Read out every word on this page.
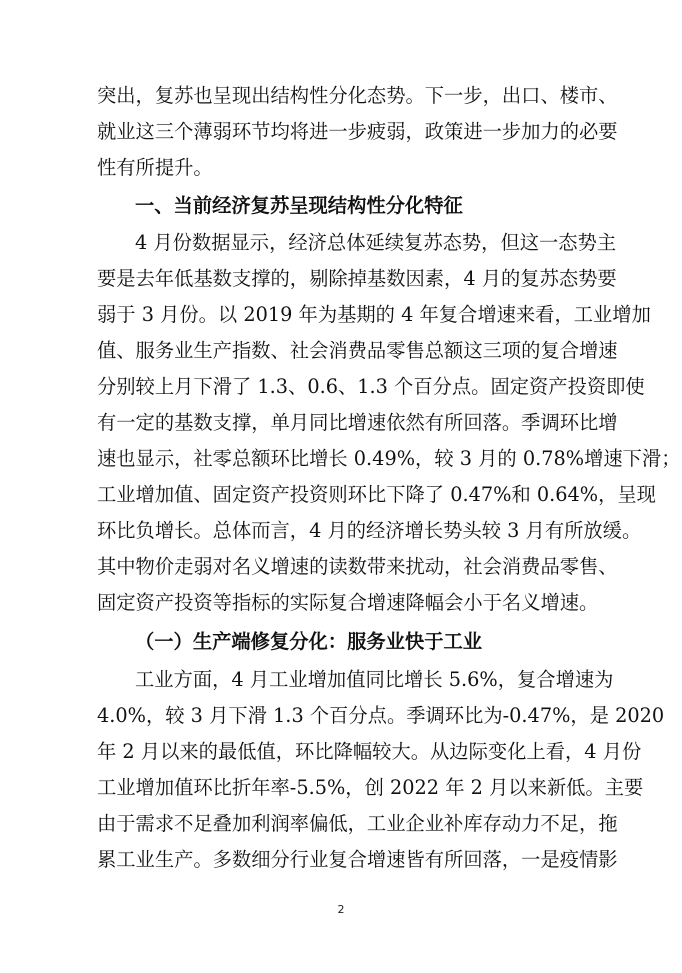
突出，复苏也呈现出结构性分化态势。下一步，出口、楼市、
就业这三个薄弱环节均将进一步疲弱，政策进一步加力的必要
性有所提升。
一、当前经济复苏呈现结构性分化特征
4 月份数据显示，经济总体延续复苏态势，但这一态势主
要是去年低基数支撑的，剔除掉基数因素，4 月的复苏态势要
弱于 3 月份。以 2019 年为基期的 4 年复合增速来看，工业增加
值、服务业生产指数、社会消费品零售总额这三项的复合增速
分别较上月下滑了 1.3、0.6、1.3 个百分点。固定资产投资即使
有一定的基数支撑，单月同比增速依然有所回落。季调环比增
速也显示，社零总额环比增长 0.49%，较 3 月的 0.78%增速下滑；
工业增加值、固定资产投资则环比下降了 0.47%和 0.64%，呈现
环比负增长。总体而言，4 月的经济增长势头较 3 月有所放缓。
其中物价走弱对名义增速的读数带来扰动，社会消费品零售、
固定资产投资等指标的实际复合增速降幅会小于名义增速。
（一）生产端修复分化：服务业快于工业
工业方面，4 月工业增加值同比增长 5.6%，复合增速为
4.0%，较 3 月下滑 1.3 个百分点。季调环比为-0.47%，是 2020
年 2 月以来的最低值，环比降幅较大。从边际变化上看，4 月份
工业增加值环比折年率-5.5%，创 2022 年 2 月以来新低。主要
由于需求不足叠加利润率偏低，工业企业补库存动力不足，拖
累工业生产。多数细分行业复合增速皆有所回落，一是疫情影
2
